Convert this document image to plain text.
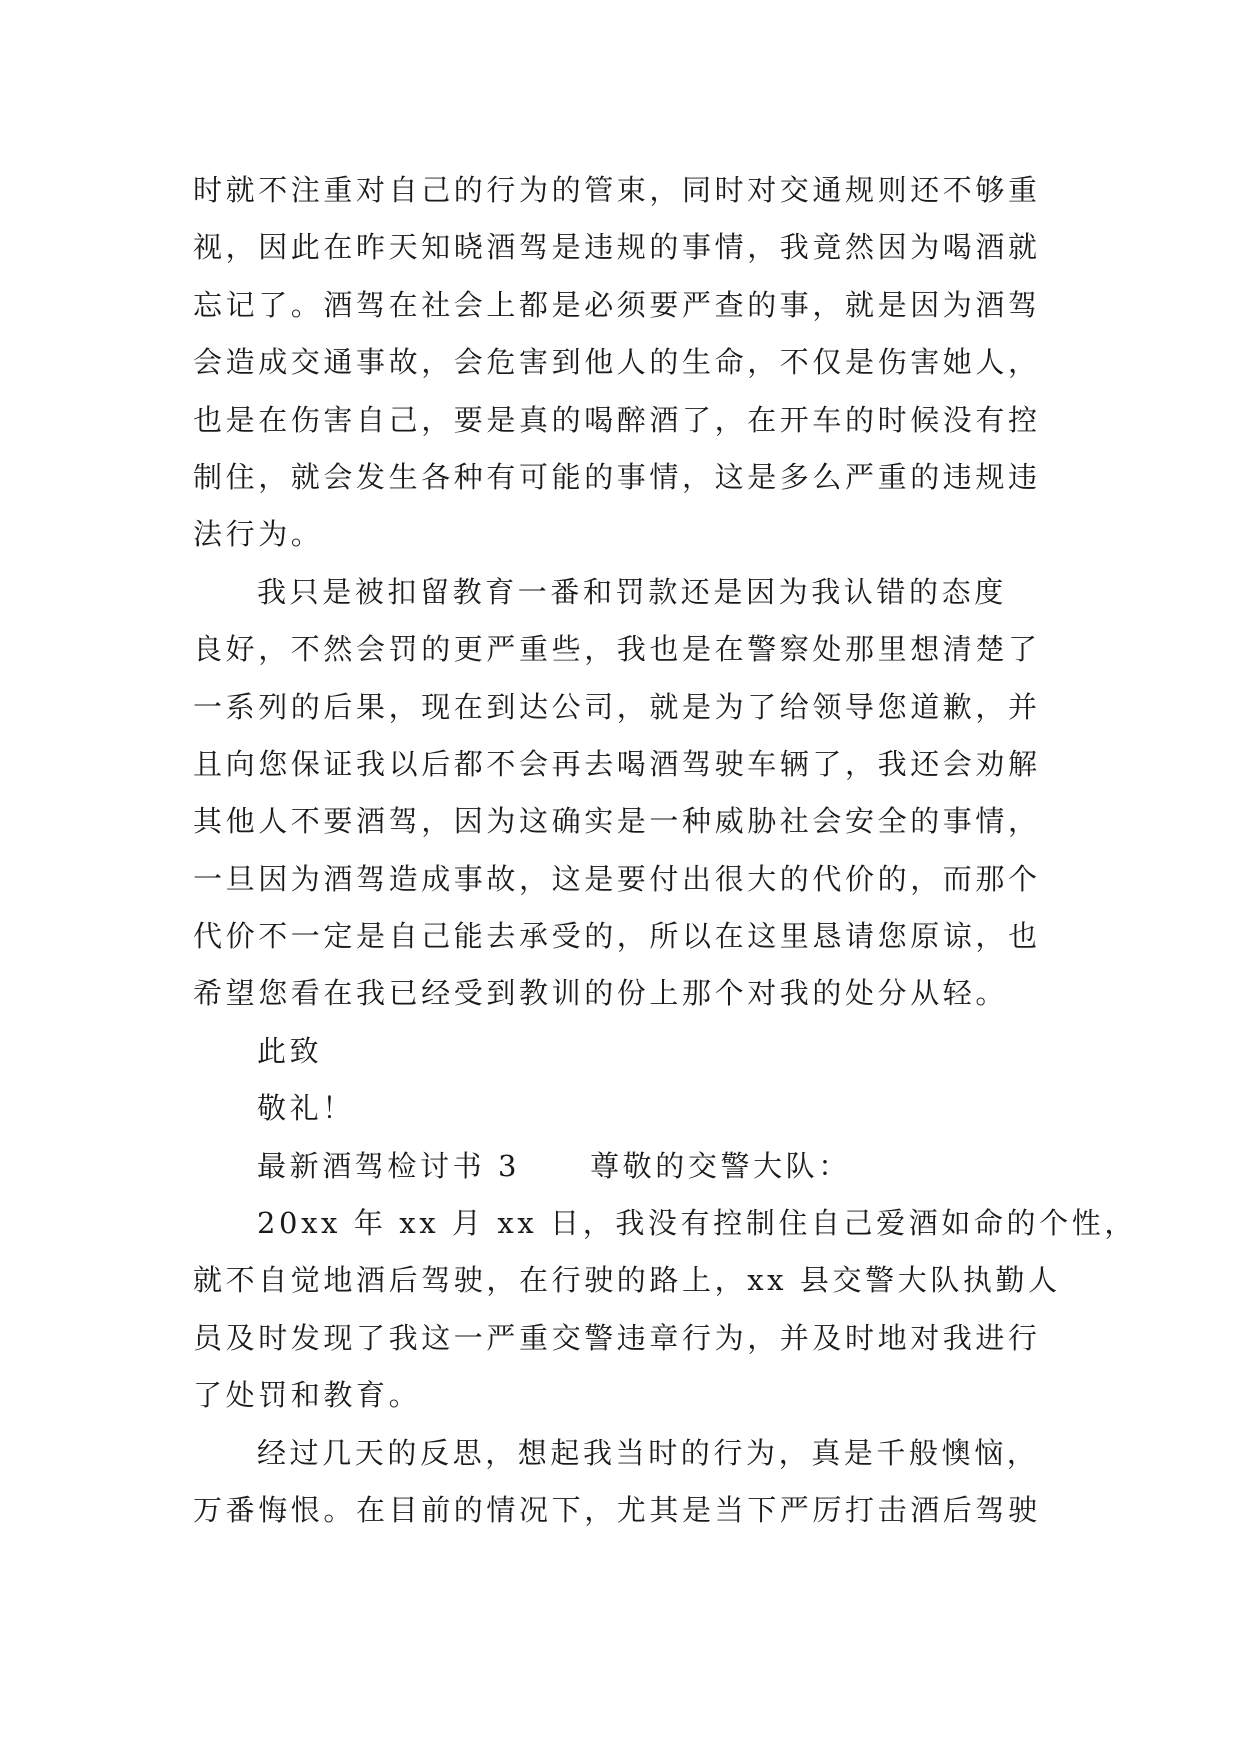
时就不注重对自己的行为的管束，同时对交通规则还不够重
视，因此在昨天知晓酒驾是违规的事情，我竟然因为喝酒就
忘记了。酒驾在社会上都是必须要严查的事，就是因为酒驾
会造成交通事故，会危害到他人的生命，不仅是伤害她人，
也是在伤害自己，要是真的喝醉酒了，在开车的时候没有控
制住，就会发生各种有可能的事情，这是多么严重的违规违
法行为。
我只是被扣留教育一番和罚款还是因为我认错的态度
良好，不然会罚的更严重些，我也是在警察处那里想清楚了
一系列的后果，现在到达公司，就是为了给领导您道歉，并
且向您保证我以后都不会再去喝酒驾驶车辆了，我还会劝解
其他人不要酒驾，因为这确实是一种威胁社会安全的事情，
一旦因为酒驾造成事故，这是要付出很大的代价的，而那个
代价不一定是自己能去承受的，所以在这里恳请您原谅，也
希望您看在我已经受到教训的份上那个对我的处分从轻。
此致
敬礼！
最新酒驾检讨书 3 尊敬的交警大队：
20xx 年 xx 月 xx 日，我没有控制住自己爱酒如命的个性，
就不自觉地酒后驾驶，在行驶的路上，xx 县交警大队执勤人
员及时发现了我这一严重交警违章行为，并及时地对我进行
了处罚和教育。
经过几天的反思，想起我当时的行为，真是千般懊恼，
万番悔恨。在目前的情况下，尤其是当下严厉打击酒后驾驶
